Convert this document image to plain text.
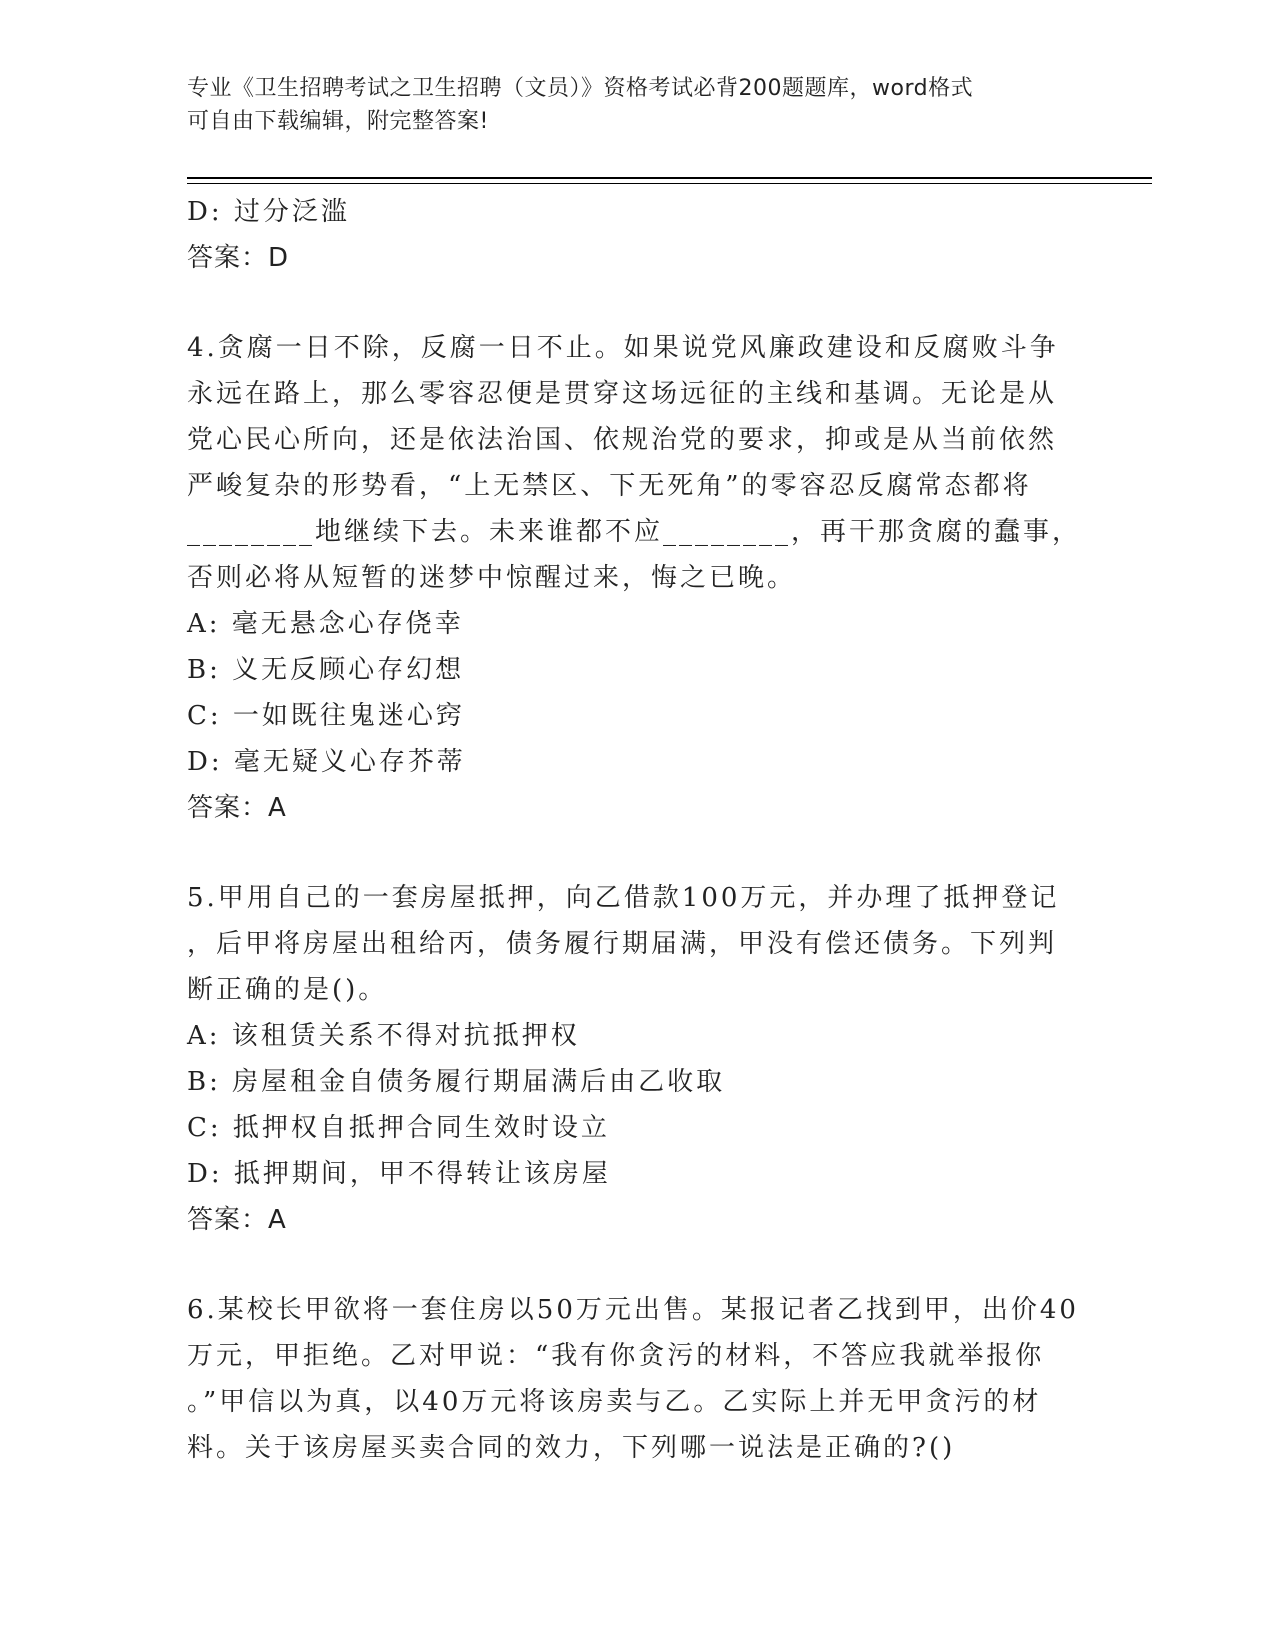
专业《卫生招聘考试之卫生招聘（文员）》资格考试必背200题题库，word格式
可自由下载编辑，附完整答案!
D: 过分泛滥
答案：D
4.贪腐一日不除，反腐一日不止。如果说党风廉政建设和反腐败斗争
永远在路上，那么零容忍便是贯穿这场远征的主线和基调。无论是从
党心民心所向，还是依法治国、依规治党的要求，抑或是从当前依然
严峻复杂的形势看，“上无禁区、下无死角”的零容忍反腐常态都将
________地继续下去。未来谁都不应________，再干那贪腐的蠢事，
否则必将从短暂的迷梦中惊醒过来，悔之已晚。
A: 毫无悬念心存侥幸
B: 义无反顾心存幻想
C: 一如既往鬼迷心窍
D: 毫无疑义心存芥蒂
答案：A
5.甲用自己的一套房屋抵押，向乙借款100万元，并办理了抵押登记
，后甲将房屋出租给丙，债务履行期届满，甲没有偿还债务。下列判
断正确的是()。
A: 该租赁关系不得对抗抵押权
B: 房屋租金自债务履行期届满后由乙收取
C: 抵押权自抵押合同生效时设立
D: 抵押期间，甲不得转让该房屋
答案：A
6.某校长甲欲将一套住房以50万元出售。某报记者乙找到甲，出价40
万元，甲拒绝。乙对甲说：“我有你贪污的材料，不答应我就举报你
。”甲信以为真，以40万元将该房卖与乙。乙实际上并无甲贪污的材
料。关于该房屋买卖合同的效力，下列哪一说法是正确的?()
